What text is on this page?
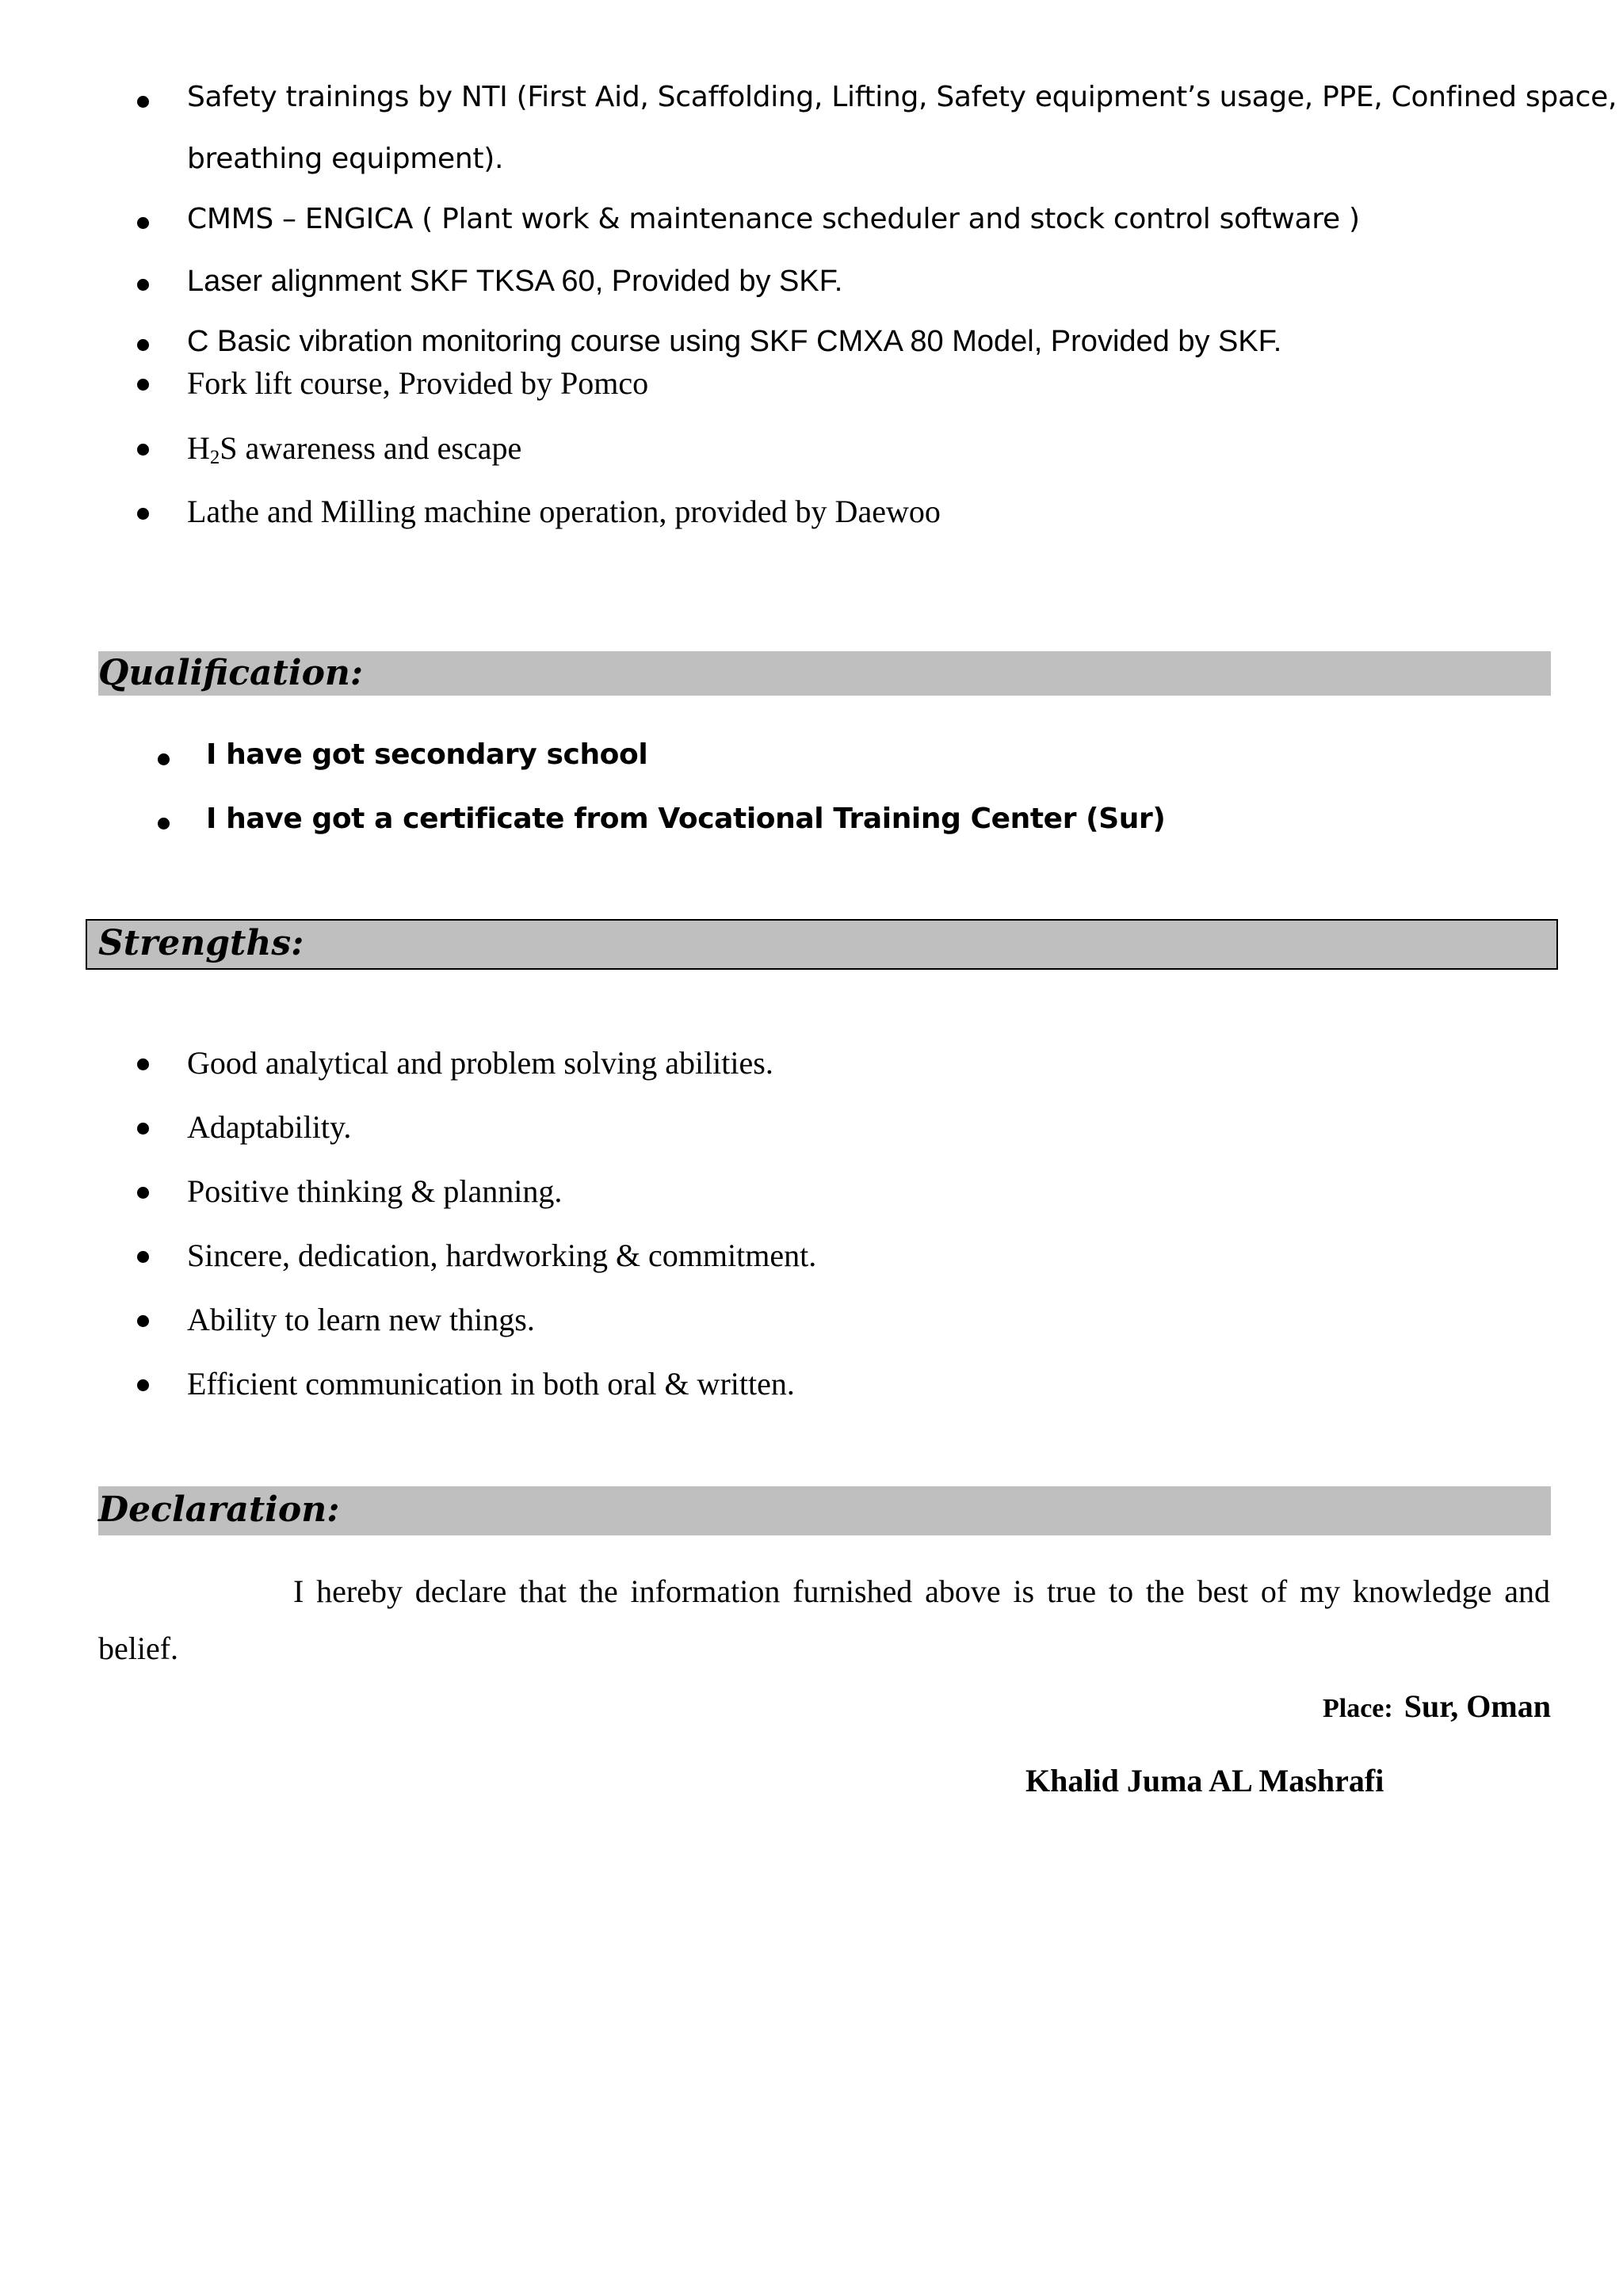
Safety trainings by NTI (First Aid, Scaffolding, Lifting, Safety equipment’s usage, PPE, Confined space,
breathing equipment).
CMMS – ENGICA ( Plant work & maintenance scheduler and stock control software )
Laser alignment SKF TKSA 60, Provided by SKF.
C Basic vibration monitoring course using SKF CMXA 80 Model, Provided by SKF.
Fork lift course, Provided by Pomco
$H_2S$ awareness and escape
Lathe and Milling machine operation, provided by Daewoo
Qualification:
I have got secondary school
I have got a certificate from Vocational Training Center (Sur)
Strengths:
Good analytical and problem solving abilities.
Adaptability.
Positive thinking & planning.
Sincere, dedication, hardworking & commitment.
Ability to learn new things.
Efficient communication in both oral & written.
Declaration:
I hereby declare that the information furnished above is true to the best of my knowledge and
belief.
Place: Sur, Oman
Khalid Juma AL Mashrafi
